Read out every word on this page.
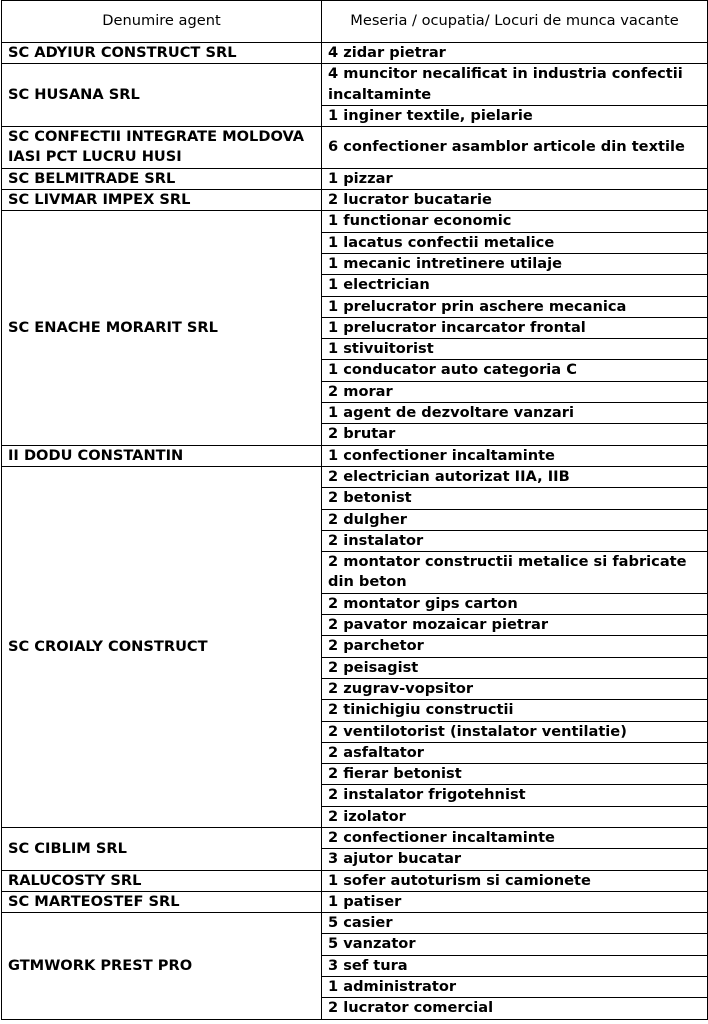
Denumire agent	Meseria / ocupatia/ Locuri de munca vacante
SC ADYIUR CONSTRUCT SRL	4 zidar pietrar
SC HUSANA SRL	4 muncitor necalificat in industria confectii incaltaminte
	1 inginer textile, pielarie
SC CONFECTII INTEGRATE MOLDOVA IASI PCT LUCRU HUSI	6 confectioner asamblor articole din textile
SC BELMITRADE SRL	1 pizzar
SC LIVMAR IMPEX SRL	2 lucrator bucatarie
SC ENACHE MORARIT SRL	1 functionar economic
	1 lacatus confectii metalice
	1 mecanic intretinere utilaje
	1 electrician
	1 prelucrator prin aschere mecanica
	1 prelucrator incarcator frontal
	1 stivuitorist
	1 conducator auto categoria C
	2 morar
	1 agent de dezvoltare vanzari
	2 brutar
II DODU CONSTANTIN	1 confectioner incaltaminte
SC CROIALY CONSTRUCT	2 electrician autorizat IIA, IIB
	2 betonist
	2 dulgher
	2 instalator
	2 montator constructii metalice si fabricate din beton
	2 montator gips carton
	2 pavator mozaicar pietrar
	2 parchetor
	2 peisagist
	2 zugrav-vopsitor
	2 tinichigiu constructii
	2 ventilotorist (instalator ventilatie)
	2 asfaltator
	2 fierar betonist
	2 instalator frigotehnist
	2 izolator
SC CIBLIM SRL	2 confectioner incaltaminte
	3 ajutor bucatar
RALUCOSTY SRL	1 sofer autoturism si camionete
SC MARTEOSTEF SRL	1 patiser
GTMWORK PREST PRO	5 casier
	5 vanzator
	3 sef tura
	1 administrator
	2 lucrator comercial
